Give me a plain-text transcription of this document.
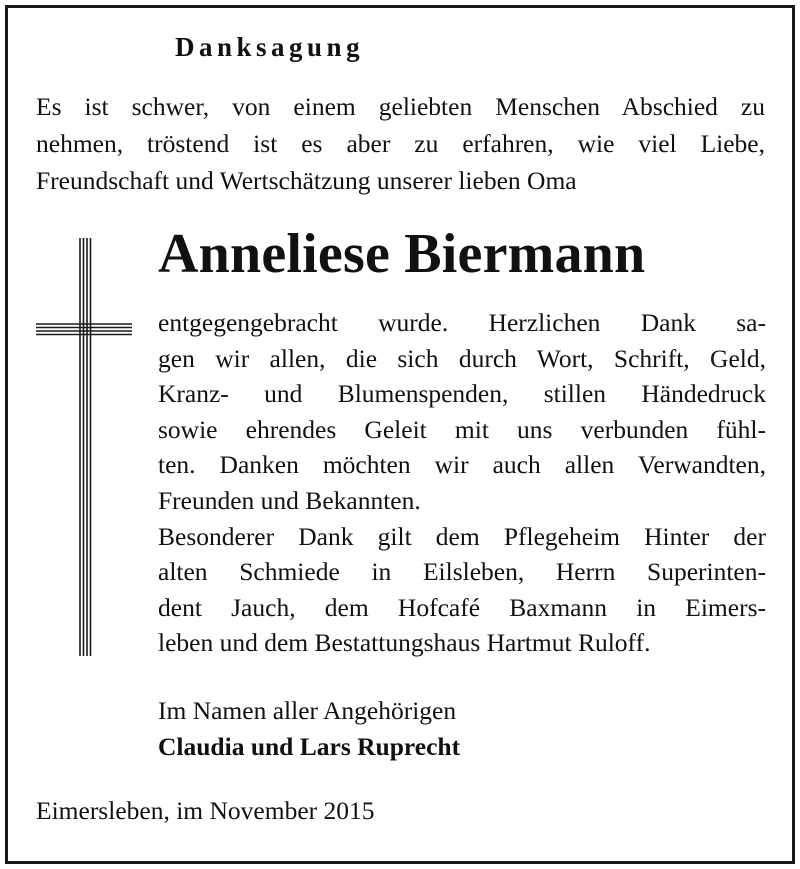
Danksagung
Es ist schwer, von einem geliebten Menschen Abschied zu
nehmen, tröstend ist es aber zu erfahren, wie viel Liebe,
Freundschaft und Wertschätzung unserer lieben Oma
Anneliese Biermann
entgegengebracht wurde. Herzlichen Dank sa-
gen wir allen, die sich durch Wort, Schrift, Geld,
Kranz- und Blumenspenden, stillen Händedruck
sowie ehrendes Geleit mit uns verbunden fühl-
ten. Danken möchten wir auch allen Verwandten,
Freunden und Bekannten.
Besonderer Dank gilt dem Pflegeheim Hinter der
alten Schmiede in Eilsleben, Herrn Superinten-
dent Jauch, dem Hofcafé Baxmann in Eimers-
leben und dem Bestattungshaus Hartmut Ruloff.
Im Namen aller Angehörigen
Claudia und Lars Ruprecht
Eimersleben, im November 2015
